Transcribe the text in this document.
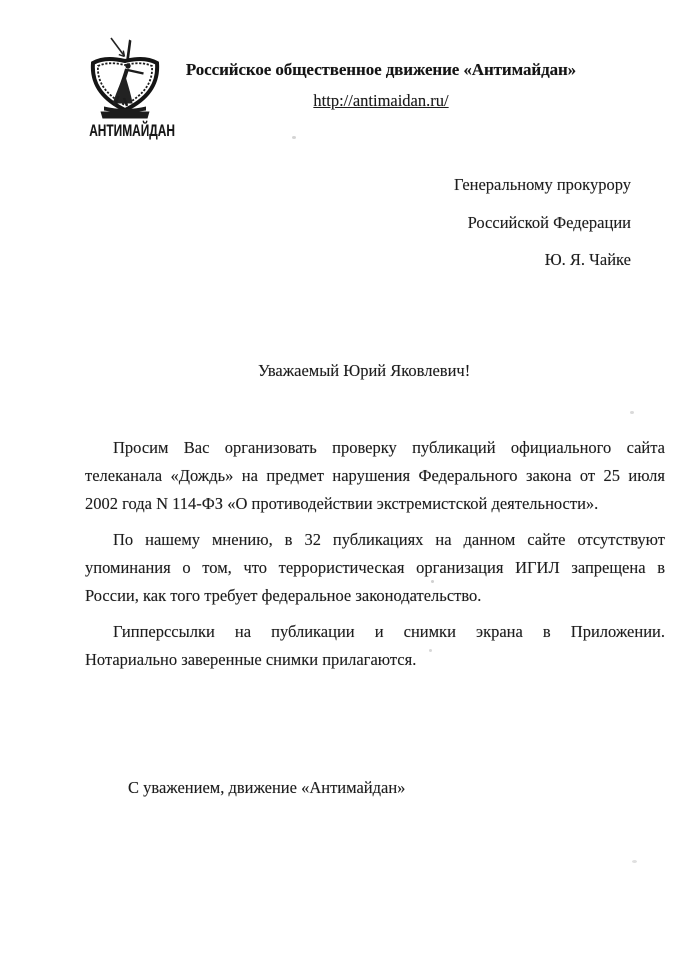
АНТИМАЙДАН
Российское общественное движение «Антимайдан»
http://antimaidan.ru/
Генеральному прокурору
Российской Федерации
Ю. Я. Чайке
Уважаемый Юрий Яковлевич!
Просим Вас организовать проверку публикаций официального сайта
телеканала «Дождь» на предмет нарушения Федерального закона от 25 июля
2002 года N 114-ФЗ «О противодействии экстремистской деятельности».
По нашему мнению, в 32 публикациях на данном сайте отсутствуют
упоминания о том, что террористическая организация ИГИЛ запрещена в
России, как того требует федеральное законодательство.
Гипперссылки на публикации и снимки экрана в Приложении.
Нотариально заверенные снимки прилагаются.
С уважением, движение «Антимайдан»
